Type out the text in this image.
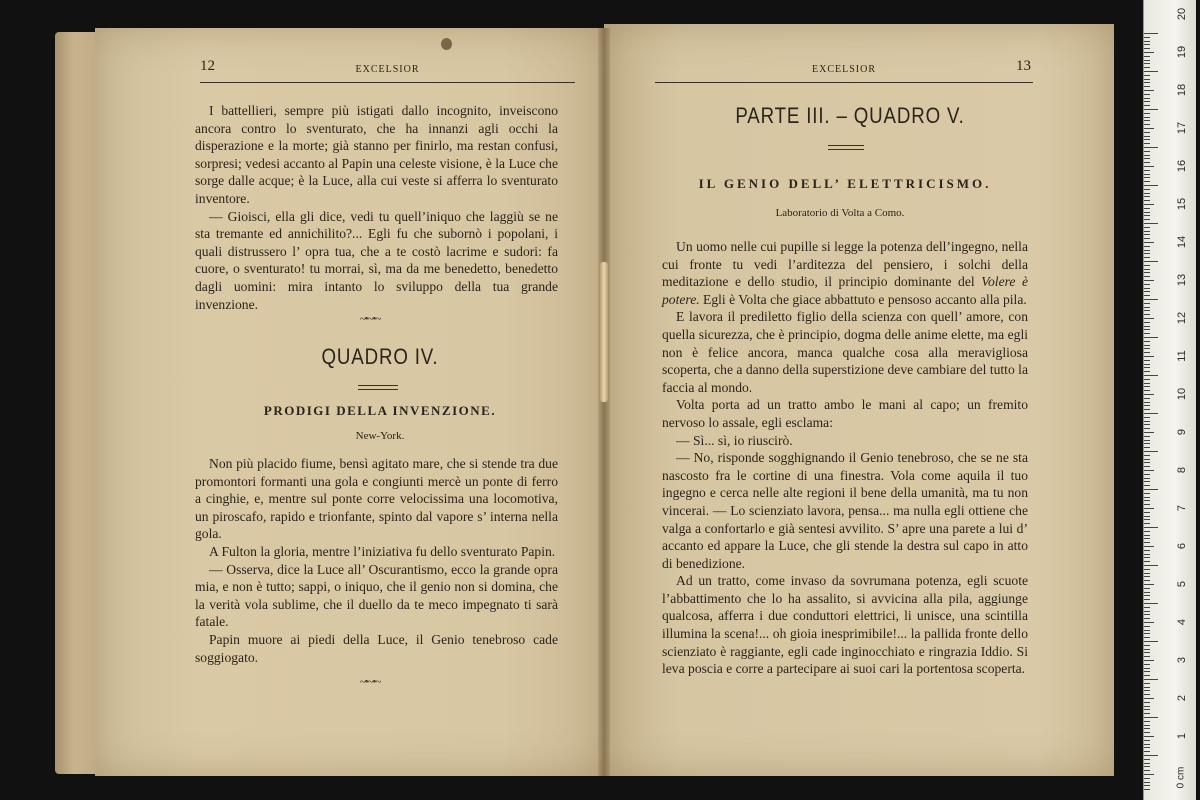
12	EXCELSIOR

I battellieri, sempre più istigati dallo incognito, inveiscono ancora contro lo sventurato, che ha innanzi agli occhi la disperazione e la morte; già stanno per finirlo, ma restan confusi, sorpresi; vedesi accanto al Papin una celeste visione, è la Luce che sorge dalle acque; è la Luce, alla cui veste si afferra lo sventurato inventore.

— Gioisci, ella gli dice, vedi tu quell’iniquo che laggiù se ne sta tremante ed annichilito?... Egli fu che subornò i popolani, i quali distrussero l’ opra tua, che a te costò lacrime e sudori: fa cuore, o sventurato! tu morrai, sì, ma da me benedetto, benedetto dagli uomini: mira intanto lo sviluppo della tua grande invenzione.

~•~•~
QUADRO IV.
PRODIGI DELLA INVENZIONE.
New-York.

Non più placido fiume, bensì agitato mare, che si stende tra due promontori formanti una gola e congiunti mercè un ponte di ferro a cinghie, e, mentre sul ponte corre velocissima una locomotiva, un piroscafo, rapido e trionfante, spinto dal vapore s’ interna nella gola.

A Fulton la gloria, mentre l’iniziativa fu dello sventurato Papin.

— Osserva, dice la Luce all’ Oscurantismo, ecco la grande opra mia, e non è tutto; sappi, o iniquo, che il genio non si domina, che la verità vola sublime, che il duello da te meco impegnato ti sarà fatale.

Papin muore ai piedi della Luce, il Genio tenebroso cade soggiogato.

~•~•~
EXCELSIOR	13
PARTE III. – QUADRO V.
IL GENIO DELL’ ELETTRICISMO.
Laboratorio di Volta a Como.

Un uomo nelle cui pupille si legge la potenza dell’ingegno, nella cui fronte tu vedi l’arditezza del pensiero, i solchi della meditazione e dello studio, il principio dominante del Volere è potere. Egli è Volta che giace abbattuto e pensoso accanto alla pila.

E lavora il prediletto figlio della scienza con quell’ amore, con quella sicurezza, che è principio, dogma delle anime elette, ma egli non è felice ancora, manca qualche cosa alla meravigliosa scoperta, che a danno della superstizione deve cambiare del tutto la faccia al mondo.

Volta porta ad un tratto ambo le mani al capo; un fremito nervoso lo assale, egli esclama:

— Sì... sì, io riuscirò.

— No, risponde sogghignando il Genio tenebroso, che se ne sta nascosto fra le cortine di una finestra. Vola come aquila il tuo ingegno e cerca nelle alte regioni il bene della umanità, ma tu non vincerai. — Lo scienziato lavora, pensa... ma nulla egli ottiene che valga a confortarlo e già sentesi avvilito. S’ apre una parete a lui d’ accanto ed appare la Luce, che gli stende la destra sul capo in atto di benedizione.

Ad un tratto, come invaso da sovrumana potenza, egli scuote l’abbattimento che lo ha assalito, si avvicina alla pila, aggiunge qualcosa, afferra i due conduttori elettrici, li unisce, una scintilla illumina la scena!... oh gioia inesprimibile!... la pallida fronte dello scienziato è raggiante, egli cade inginocchiato e ringrazia Iddio. Si leva poscia e corre a partecipare ai suoi cari la portentosa scoperta.

20
19
18
17
16
15
14
13
12
11
10
9
8
7
6
5
4
3
2
1
0 cm
